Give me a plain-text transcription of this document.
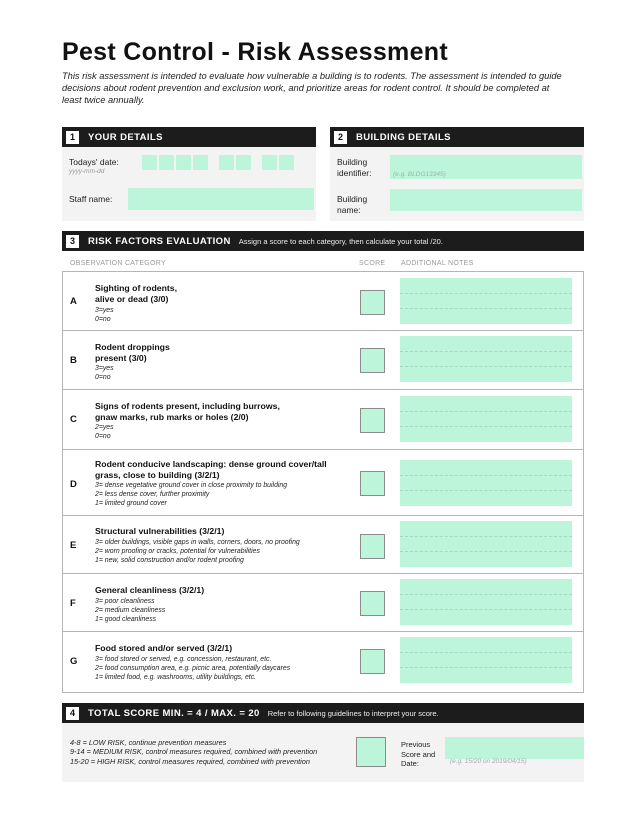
Pest Control - Risk Assessment
This risk assessment is intended to evaluate how vulnerable a building is to rodents. The assessment is intended to guide decisions about rodent prevention and exclusion work, and prioritize areas for rodent control. It should be completed at least twice annually.
1	YOUR DETAILS
Todays' date:
yyyy-mm-dd
Staff name:
2	BUILDING DETAILS
Building
identifier:	(e.g. BLDG13345)
Building
name:
3	RISK FACTORS EVALUATION Assign a score to each category, then calculate your total /20.
OBSERVATION CATEGORY	SCORE ADDITIONAL NOTES
A
Sighting of rodents,
alive or dead (3/0)
3=yes
0=no
B
Rodent droppings
present (3/0)
3=yes
0=no
C
Signs of rodents present, including burrows,
gnaw marks, rub marks or holes (2/0)
2=yes
0=no
D
Rodent conducive landscaping: dense ground cover/tall
grass, close to building (3/2/1)
3= dense vegetative ground cover in close proximity to building
2= less dense cover, further proximity
1= limited ground cover
E
Structural vulnerabilities (3/2/1)
3= older buildings, visible gaps in walls, corners, doors, no proofing
2= worn proofing or cracks, potential for vulnerabilities
1= new, solid construction and/or rodent proofing
F
General cleanliness (3/2/1)
3= poor cleanliness
2= medium cleanliness
1= good cleanliness
G
Food stored and/or served (3/2/1)
3= food stored or served, e.g. concession, restaurant, etc.
2= food consumption area, e.g. picnic area, potentially daycares
1= limited food, e.g. washrooms, utility buildings, etc.
4	TOTAL SCORE MIN. = 4 / MAX. = 20 Refer to following guidelines to interpret your score.
4-8 = LOW RISK, continue prevention measures
9-14 = MEDIUM RISK, control measures required, combined with prevention
15-20 = HIGH RISK, control measures required, combined with prevention
Previous
Score and
Date:	(e.g. 15/20 on 2019/04/15)
